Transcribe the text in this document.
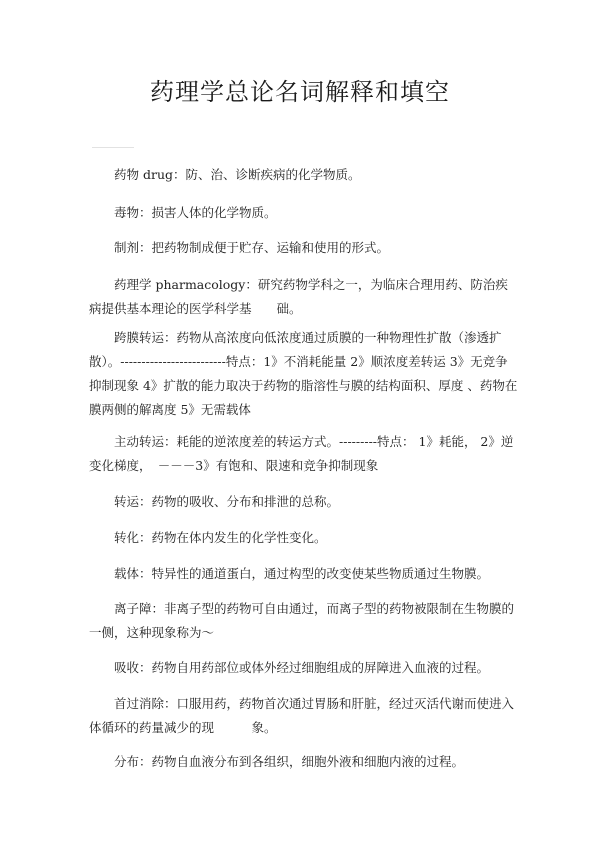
药理学总论名词解释和填空

药物 drug：防、治、诊断疾病的化学物质。

毒物：损害人体的化学物质。

制剂：把药物制成便于贮存、运输和使用的形式。

药理学 pharmacology：研究药物学科之一，为临床合理用药、防治疾病提供基本理论的医学科学基　　础。

跨膜转运：药物从高浓度向低浓度通过质膜的一种物理性扩散（渗透扩散）。-------------------------特点：1》不消耗能量 2》顺浓度差转运 3》无竞争抑制现象 4》扩散的能力取决于药物的脂溶性与膜的结构面积、厚度 、药物在膜两侧的解离度 5》无需载体

主动转运：耗能的逆浓度差的转运方式。---------特点： 1》耗能， 2》逆变化梯度，　－－－3》有饱和、限速和竞争抑制现象

转运：药物的吸收、分布和排泄的总称。

转化：药物在体内发生的化学性变化。

载体：特异性的通道蛋白，通过构型的改变使某些物质通过生物膜。

离子障：非离子型的药物可自由通过，而离子型的药物被限制在生物膜的一侧，这种现象称为～

吸收：药物自用药部位或体外经过细胞组成的屏障进入血液的过程。

首过消除：口服用药，药物首次通过胃肠和肝脏，经过灭活代谢而使进入体循环的药量减少的现　　　象。

分布：药物自血液分布到各组织，细胞外液和细胞内液的过程。
